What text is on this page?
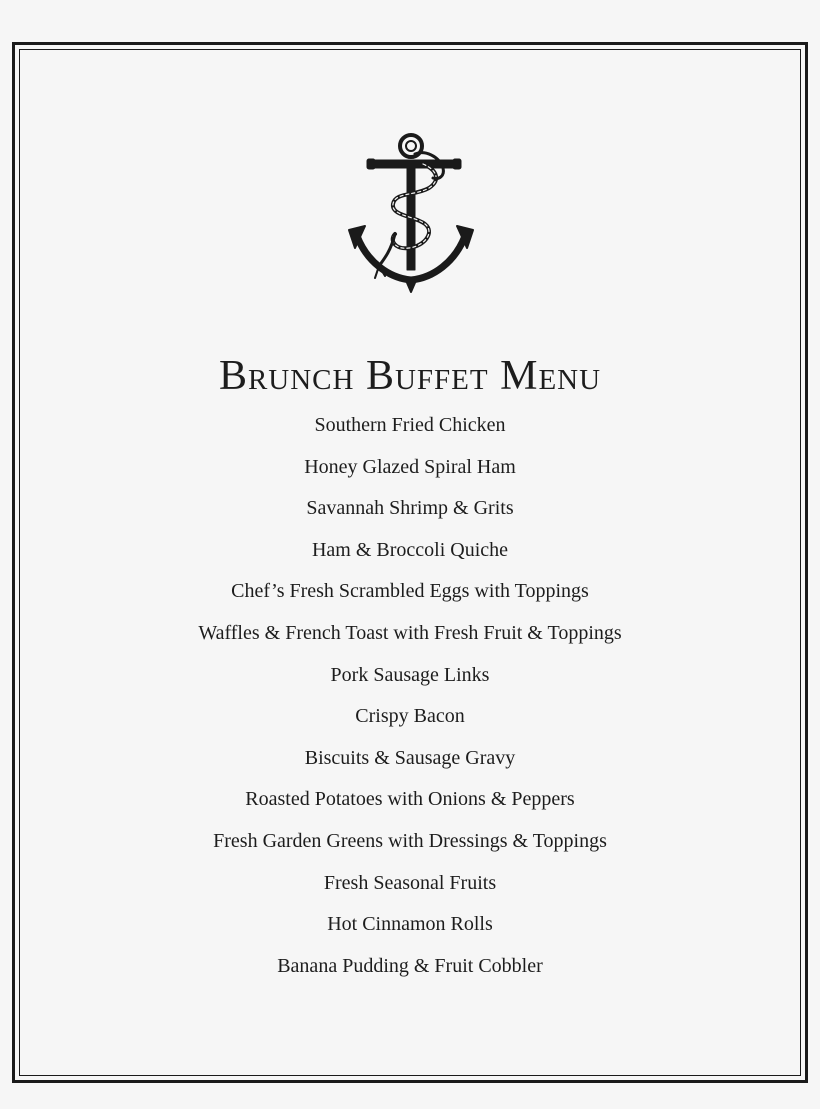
Brunch Buffet Menu
Southern Fried Chicken
Honey Glazed Spiral Ham
Savannah Shrimp & Grits
Ham & Broccoli Quiche
Chef’s Fresh Scrambled Eggs with Toppings
Waffles & French Toast with Fresh Fruit & Toppings
Pork Sausage Links
Crispy Bacon
Biscuits & Sausage Gravy
Roasted Potatoes with Onions & Peppers
Fresh Garden Greens with Dressings & Toppings
Fresh Seasonal Fruits
Hot Cinnamon Rolls
Banana Pudding & Fruit Cobbler
